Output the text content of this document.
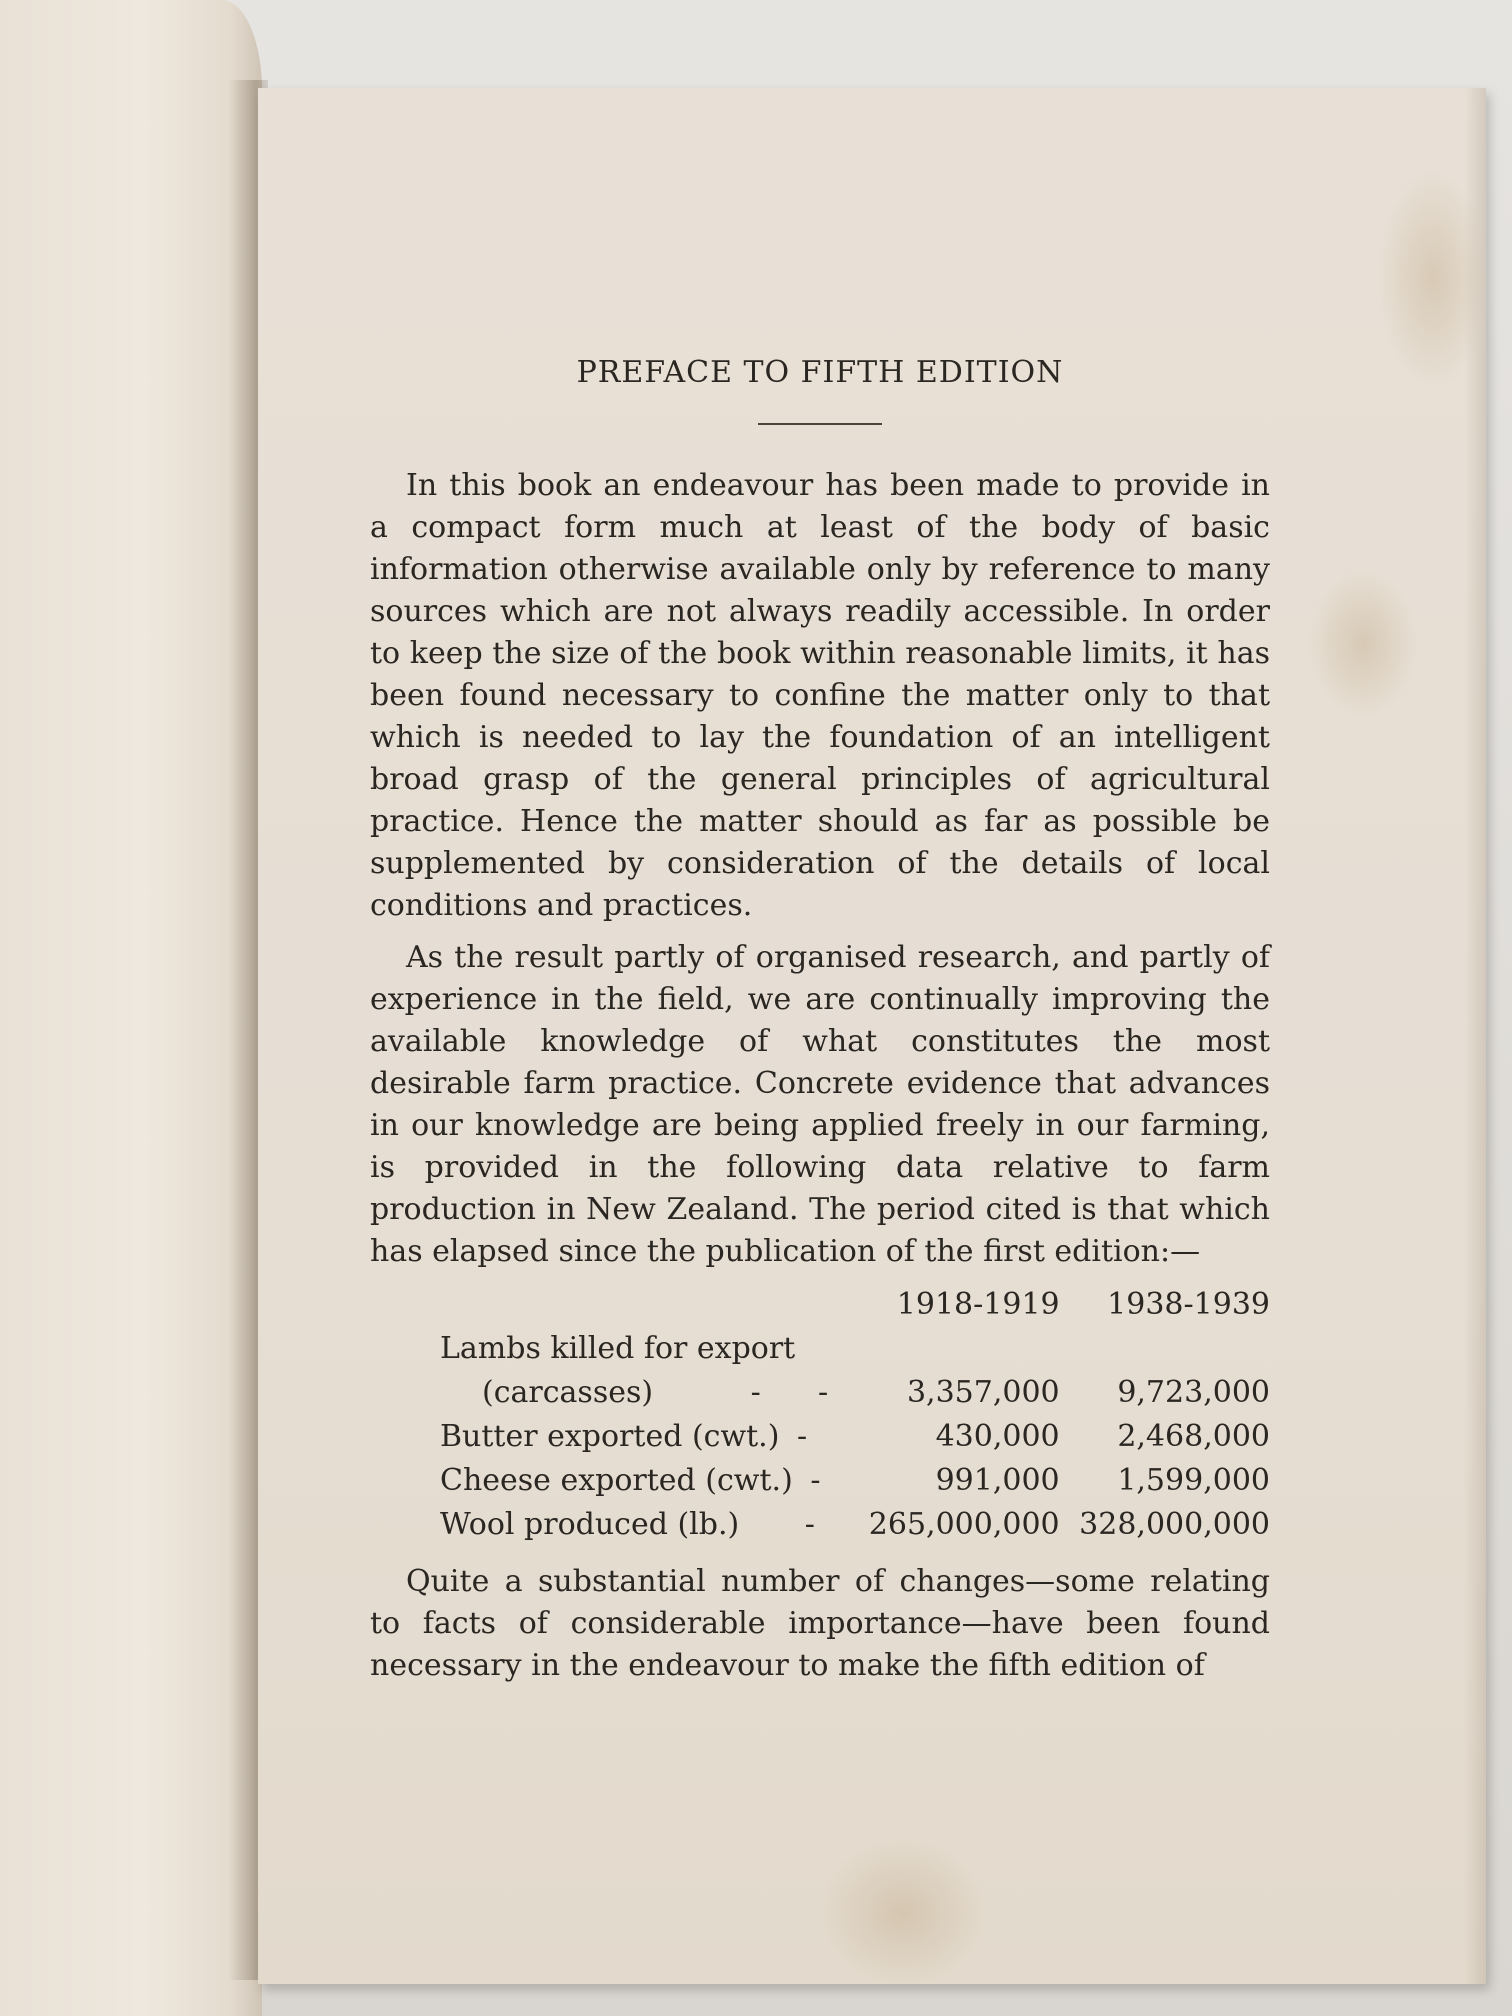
PREFACE TO FIFTH EDITION

In this book an endeavour has been made to provide in a compact form much at least of the body of basic information otherwise available only by reference to many sources which are not always readily accessible. In order to keep the size of the book within reasonable limits, it has been found necessary to confine the matter only to that which is needed to lay the foundation of an intelligent broad grasp of the general principles of agricultural practice. Hence the matter should as far as possible be supplemented by consideration of the details of local conditions and practices.

As the result partly of organised research, and partly of experience in the field, we are continually improving the available knowledge of what constitutes the most desirable farm practice. Concrete evidence that advances in our knowledge are being applied freely in our farming, is provided in the following data relative to farm production in New Zealand. The period cited is that which has elapsed since the publication of the first edition:—

	1918-1919	1938-1939
Lambs killed for export		
(carcasses) -      -	3,357,000	9,723,000
Butter exported (cwt.) -	430,000	2,468,000
Cheese exported (cwt.) -	991,000	1,599,000
Wool produced (lb.) -	265,000,000	328,000,000

Quite a substantial number of changes—some relating to facts of considerable importance—have been found necessary in the endeavour to make the fifth edition of
